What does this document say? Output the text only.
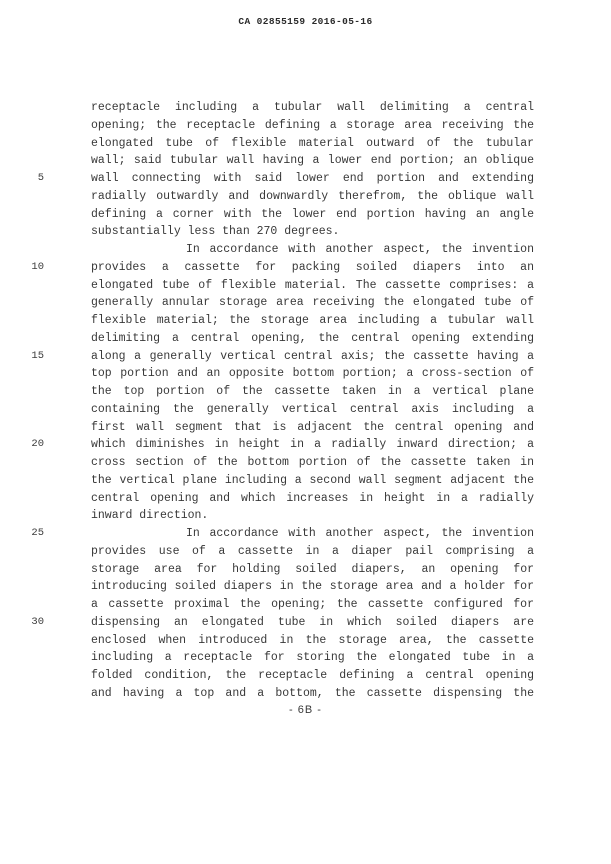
CA 02855159 2016-05-16
receptacle including a tubular wall delimiting a central
opening; the receptacle defining a storage area receiving the
elongated tube of flexible material outward of the tubular
wall; said tubular wall having a lower end portion; an oblique
5	wall connecting with said lower end portion and extending
radially outwardly and downwardly therefrom, the oblique wall
defining a corner with the lower end portion having an angle
substantially less than 270 degrees.
In accordance with another aspect, the invention
10	provides a cassette for packing soiled diapers into an
elongated tube of flexible material. The cassette comprises: a
generally annular storage area receiving the elongated tube of
flexible material; the storage area including a tubular wall
delimiting a central opening, the central opening extending
15	along a generally vertical central axis; the cassette having a
top portion and an opposite bottom portion; a cross-section of
the top portion of the cassette taken in a vertical plane
containing the generally vertical central axis including a
first wall segment that is adjacent the central opening and
20	which diminishes in height in a radially inward direction; a
cross section of the bottom portion of the cassette taken in
the vertical plane including a second wall segment adjacent the
central opening and which increases in height in a radially
inward direction.
25	In accordance with another aspect, the invention
provides use of a cassette in a diaper pail comprising a
storage area for holding soiled diapers, an opening for
introducing soiled diapers in the storage area and a holder for
a cassette proximal the opening; the cassette configured for
30	dispensing an elongated tube in which soiled diapers are
enclosed when introduced in the storage area, the cassette
including a receptacle for storing the elongated tube in a
folded condition, the receptacle defining a central opening
and having a top and a bottom, the cassette dispensing the
- 6B -
